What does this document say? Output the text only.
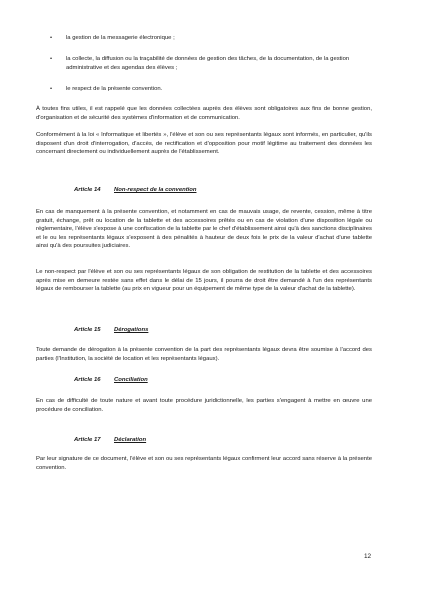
• la gestion de la messagerie électronique ;
• la collecte, la diffusion ou la traçabilité de données de gestion des tâches, de la documentation, de la gestion administrative et des agendas des élèves ;
• le respect de la présente convention.
À toutes fins utiles, il est rappelé que les données collectées auprès des élèves sont obligatoires aux fins de bonne gestion, d'organisation et de sécurité des systèmes d'information et de communication.
Conformément à la loi « Informatique et libertés », l'élève et son ou ses représentants légaux sont informés, en particulier, qu'ils disposent d'un droit d'interrogation, d'accès, de rectification et d'opposition pour motif légitime au traitement des données les concernant directement ou individuellement auprès de l'établissement.
Article 14 Non-respect de la convention
En cas de manquement à la présente convention, et notamment en cas de mauvais usage, de revente, cession, même à titre gratuit, échange, prêt ou location de la tablette et des accessoires prêtés ou en cas de violation d'une disposition légale ou réglementaire, l'élève s'expose à une confiscation de la tablette par le chef d'établissement ainsi qu'à des sanctions disciplinaires et le ou les représentants légaux s'exposent à des pénalités à hauteur de deux fois le prix de la valeur d'achat d'une tablette ainsi qu'à des poursuites judiciaires.
Le non-respect par l'élève et son ou ses représentants légaux de son obligation de restitution de la tablette et des accessoires après mise en demeure restée sans effet dans le délai de 15 jours, il pourra de droit être demandé à l'un des représentants légaux de rembourser la tablette (au prix en vigueur pour un équipement de même type de la valeur d'achat de la tablette).
Article 15 Dérogations
Toute demande de dérogation à la présente convention de la part des représentants légaux devra être soumise à l'accord des parties (l'Institution, la société de location et les représentants légaux).
Article 16 Conciliation
En cas de difficulté de toute nature et avant toute procédure juridictionnelle, les parties s'engagent à mettre en œuvre une procédure de conciliation.
Article 17 Déclaration
Par leur signature de ce document, l'élève et son ou ses représentants légaux confirment leur accord sans réserve à la présente convention.
12
